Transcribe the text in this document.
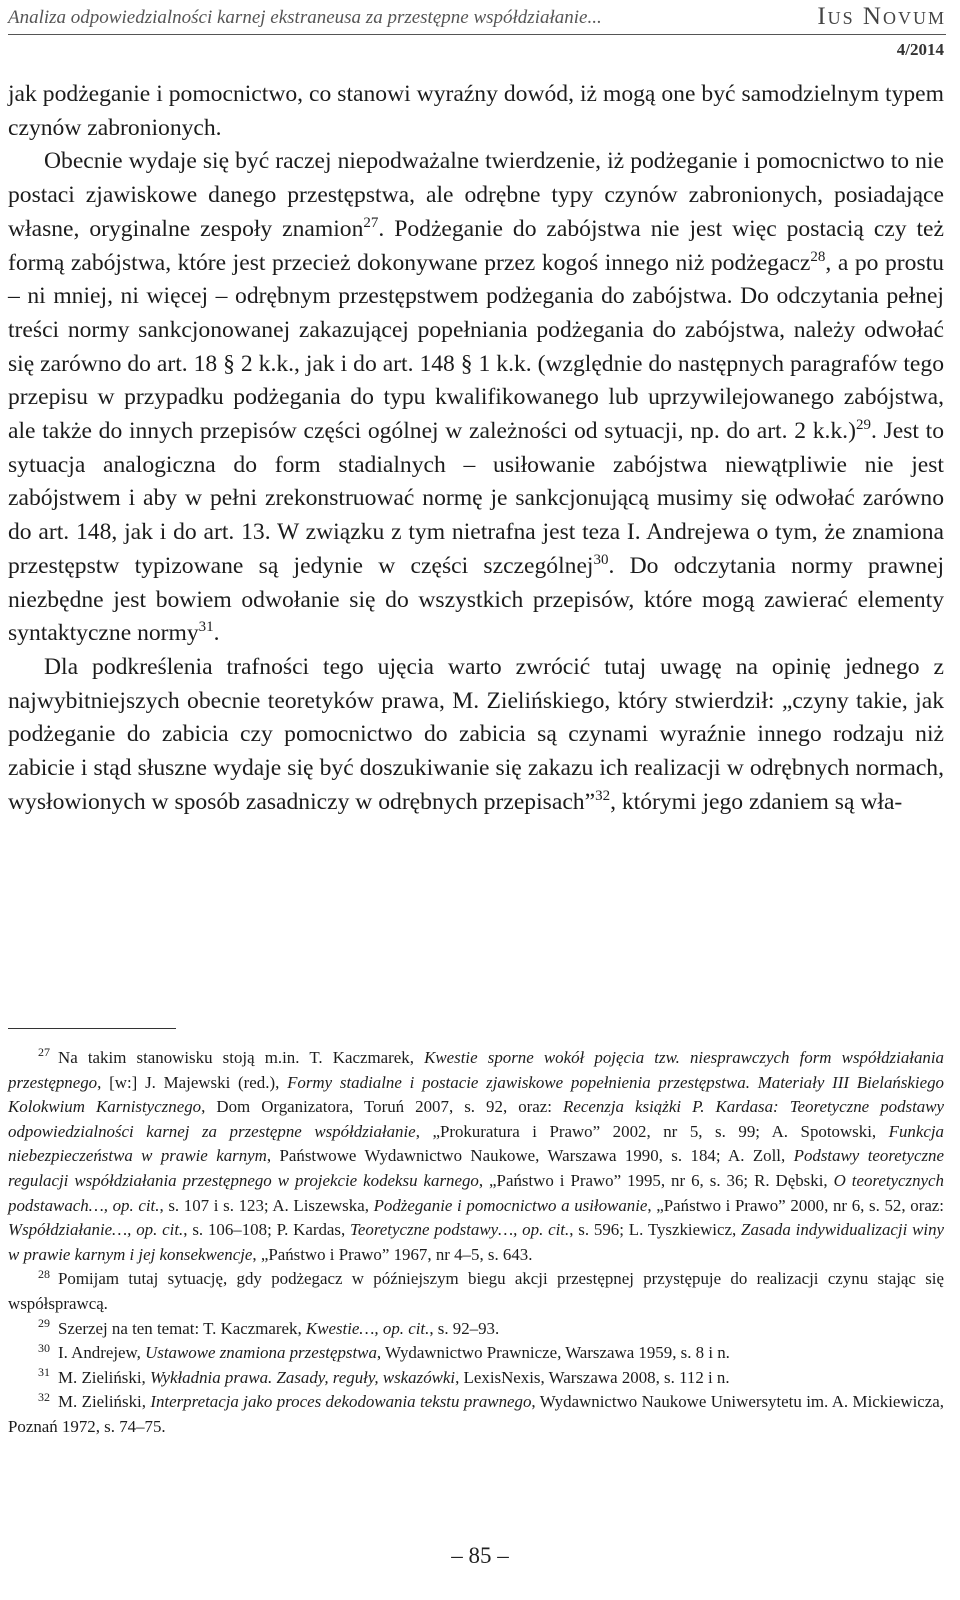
Analiza odpowiedzialności karnej ekstraneusa za przestępne współdziałanie...	Ius Novum
4/2014

jak podżeganie i pomocnictwo, co stanowi wyraźny dowód, iż mogą one być samodzielnym typem czynów zabronionych.

Obecnie wydaje się być raczej niepodważalne twierdzenie, iż podżeganie i pomocnictwo to nie postaci zjawiskowe danego przestępstwa, ale odrębne typy czynów zabronionych, posiadające własne, oryginalne zespoły znamion$^{27}$. Podżeganie do zabójstwa nie jest więc postacią czy też formą zabójstwa, które jest przecież dokonywane przez kogoś innego niż podżegacz$^{28}$, a po prostu – ni mniej, ni więcej – odrębnym przestępstwem podżegania do zabójstwa. Do odczytania pełnej treści normy sankcjonowanej zakazującej popełniania podżegania do zabójstwa, należy odwołać się zarówno do art. 18 § 2 k.k., jak i do art. 148 § 1 k.k. (względnie do następnych paragrafów tego przepisu w przypadku podżegania do typu kwalifikowanego lub uprzywilejowanego zabójstwa, ale także do innych przepisów części ogólnej w zależności od sytuacji, np. do art. 2 k.k.)$^{29}$. Jest to sytuacja analogiczna do form stadialnych – usiłowanie zabójstwa niewątpliwie nie jest zabójstwem i aby w pełni zrekonstruować normę je sankcjonującą musimy się odwołać zarówno do art. 148, jak i do art. 13. W związku z tym nietrafna jest teza I. Andrejewa o tym, że znamiona przestępstw typizowane są jedynie w części szczególnej$^{30}$. Do odczytania normy prawnej niezbędne jest bowiem odwołanie się do wszystkich przepisów, które mogą zawierać elementy syntaktyczne normy$^{31}$.

Dla podkreślenia trafności tego ujęcia warto zwrócić tutaj uwagę na opinię jednego z najwybitniejszych obecnie teoretyków prawa, M. Zielińskiego, który stwierdził: „czyny takie, jak podżeganie do zabicia czy pomocnictwo do zabicia są czynami wyraźnie innego rodzaju niż zabicie i stąd słuszne wydaje się być doszukiwanie się zakazu ich realizacji w odrębnych normach, wysłowionych w sposób zasadniczy w odrębnych przepisach”$^{32}$, którymi jego zdaniem są wła-

$^{27}$ Na takim stanowisku stoją m.in. T. Kaczmarek, Kwestie sporne wokół pojęcia tzw. niesprawczych form współdziałania przestępnego, [w:] J. Majewski (red.), Formy stadialne i postacie zjawiskowe popełnienia przestępstwa. Materiały III Bielańskiego Kolokwium Karnistycznego, Dom Organizatora, Toruń 2007, s. 92, oraz: Recenzja książki P. Kardasa: Teoretyczne podstawy odpowiedzialności karnej za przestępne współdziałanie, „Prokuratura i Prawo” 2002, nr 5, s. 99; A. Spotowski, Funkcja niebezpieczeństwa w prawie karnym, Państwowe Wydawnictwo Naukowe, Warszawa 1990, s. 184; A. Zoll, Podstawy teoretyczne regulacji współdziałania przestępnego w projekcie kodeksu karnego, „Państwo i Prawo” 1995, nr 6, s. 36; R. Dębski, O teoretycznych podstawach…, op. cit., s. 107 i s. 123; A. Liszewska, Podżeganie i pomocnictwo a usiłowanie, „Państwo i Prawo” 2000, nr 6, s. 52, oraz: Współdziałanie…, op. cit., s. 106–108; P. Kardas, Teoretyczne podstawy…, op. cit., s. 596; L. Tyszkiewicz, Zasada indywidualizacji winy w prawie karnym i jej konsekwencje, „Państwo i Prawo” 1967, nr 4–5, s. 643.

$^{28}$ Pomijam tutaj sytuację, gdy podżegacz w późniejszym biegu akcji przestępnej przystępuje do realizacji czynu stając się współsprawcą.

$^{29}$ Szerzej na ten temat: T. Kaczmarek, Kwestie…, op. cit., s. 92–93.

$^{30}$ I. Andrejew, Ustawowe znamiona przestępstwa, Wydawnictwo Prawnicze, Warszawa 1959, s. 8 i n.

$^{31}$ M. Zieliński, Wykładnia prawa. Zasady, reguły, wskazówki, LexisNexis, Warszawa 2008, s. 112 i n.

$^{32}$ M. Zieliński, Interpretacja jako proces dekodowania tekstu prawnego, Wydawnictwo Naukowe Uniwersytetu im. A. Mickiewicza, Poznań 1972, s. 74–75.

– 85 –
